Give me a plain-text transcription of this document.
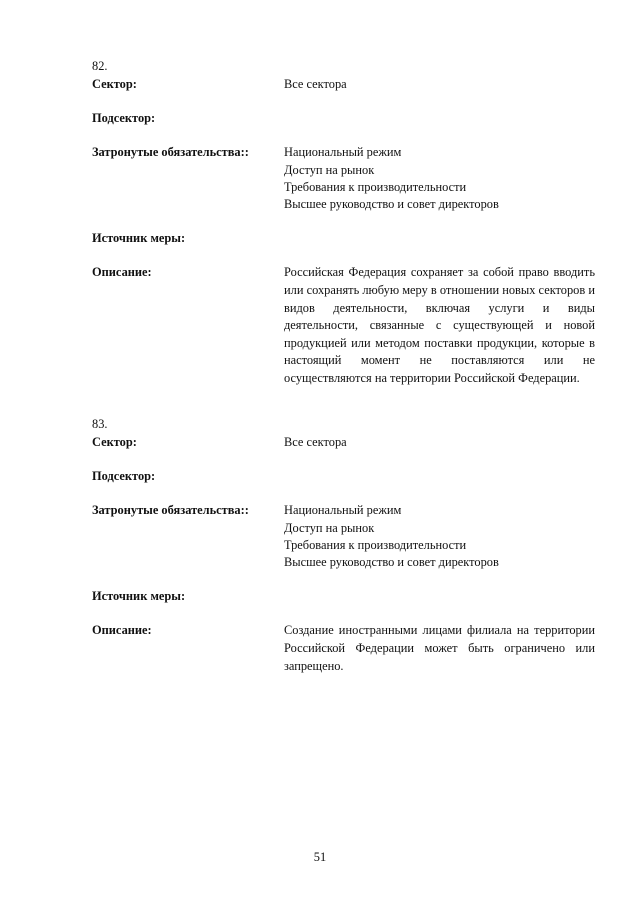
82.
Сектор:	Все сектора
Подсектор:
Затронутые обязательства::	Национальный режим
Доступ на рынок
Требования к производительности
Высшее руководство и совет директоров
Источник меры:
Описание:	Российская Федерация сохраняет за собой право вводить или сохранять любую меру в отношении новых секторов и видов деятельности, включая услуги и виды деятельности, связанные с существующей и новой продукцией или методом поставки продукции, которые в настоящий момент не поставляются или не осуществляются на территории Российской Федерации.
83.
Сектор:	Все сектора
Подсектор:
Затронутые обязательства::	Национальный режим
Доступ на рынок
Требования к производительности
Высшее руководство и совет директоров
Источник меры:
Описание:	Создание иностранными лицами филиала на территории Российской Федерации может быть ограничено или запрещено.
51
